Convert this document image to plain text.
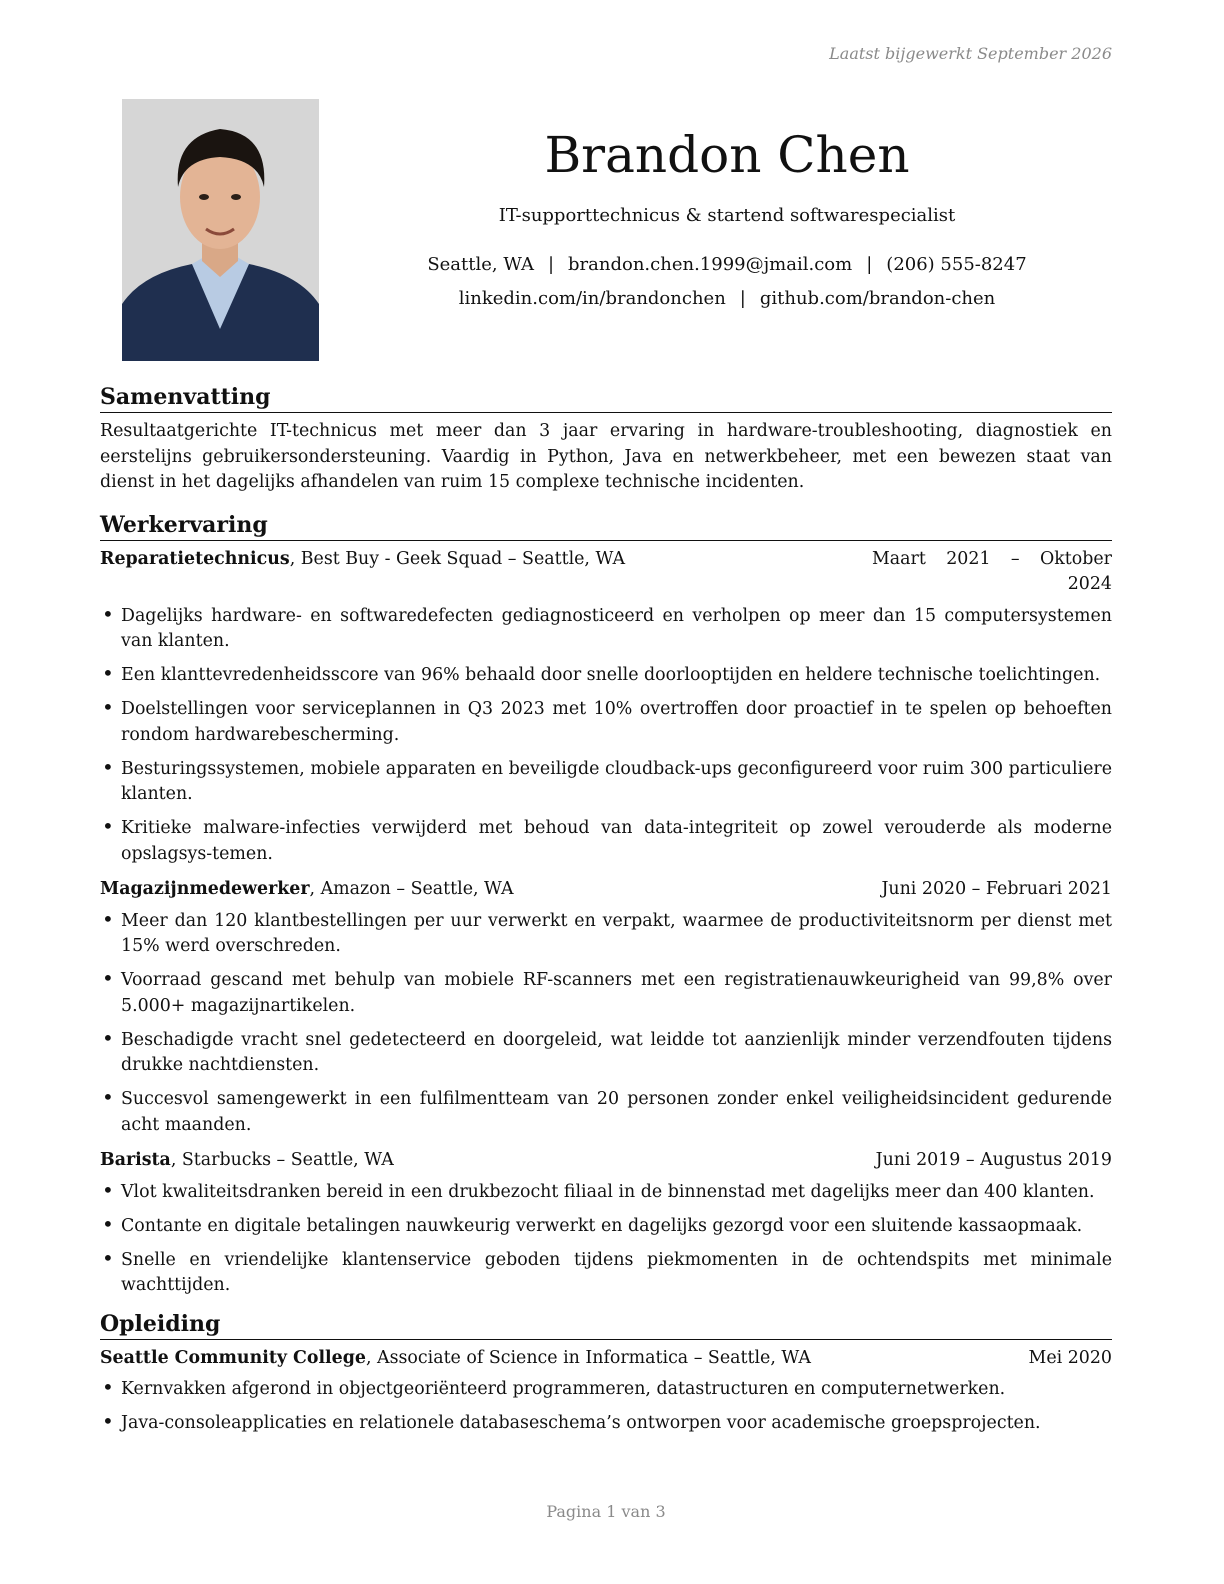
Laatst bijgewerkt September 2026
Brandon Chen
IT-supporttechnicus & startend softwarespecialist
Seattle, WA | brandon.chen.1999@jmail.com | (206) 555-8247
linkedin.com/in/brandonchen | github.com/brandon-chen
Samenvatting

Resultaatgerichte IT-technicus met meer dan 3 jaar ervaring in hardware-troubleshooting, diagnostiek en eerstelijns gebruikersondersteuning. Vaardig in Python, Java en netwerkbeheer, met een bewezen staat van dienst in het dagelijks afhandelen van ruim 15 complexe technische incidenten.

Werkervaring
Reparatietechnicus, Best Buy - Geek Squad – Seattle, WA	Maart 2021 – Oktober 2024
• Dagelijks hardware- en softwaredefecten gediagnosticeerd en verholpen op meer dan 15 computersystemen van klanten.
• Een klanttevredenheidsscore van 96% behaald door snelle doorlooptijden en heldere technische toelichtingen.
• Doelstellingen voor serviceplannen in Q3 2023 met 10% overtroffen door proactief in te spelen op behoeften rondom hardwarebescherming.
• Besturingssystemen, mobiele apparaten en beveiligde cloudback-ups geconfigureerd voor ruim 300 particuliere klanten.
• Kritieke malware-infecties verwijderd met behoud van data-integriteit op zowel verouderde als moderne opslagsys-temen.
Magazijnmedewerker, Amazon – Seattle, WA	Juni 2020 – Februari 2021
• Meer dan 120 klantbestellingen per uur verwerkt en verpakt, waarmee de productiviteitsnorm per dienst met 15% werd overschreden.
• Voorraad gescand met behulp van mobiele RF-scanners met een registratienauwkeurigheid van 99,8% over 5.000+ magazijnartikelen.
• Beschadigde vracht snel gedetecteerd en doorgeleid, wat leidde tot aanzienlijk minder verzendfouten tijdens drukke nachtdiensten.
• Succesvol samengewerkt in een fulfilmentteam van 20 personen zonder enkel veiligheidsincident gedurende acht maanden.
Barista, Starbucks – Seattle, WA	Juni 2019 – Augustus 2019
• Vlot kwaliteitsdranken bereid in een drukbezocht filiaal in de binnenstad met dagelijks meer dan 400 klanten.
• Contante en digitale betalingen nauwkeurig verwerkt en dagelijks gezorgd voor een sluitende kassaopmaak.
• Snelle en vriendelijke klantenservice geboden tijdens piekmomenten in de ochtendspits met minimale wachttijden.
Opleiding
Seattle Community College, Associate of Science in Informatica – Seattle, WA	Mei 2020
• Kernvakken afgerond in objectgeoriënteerd programmeren, datastructuren en computernetwerken.
• Java-consoleapplicaties en relationele databaseschema’s ontworpen voor academische groepsprojecten.
Pagina 1 van 3
